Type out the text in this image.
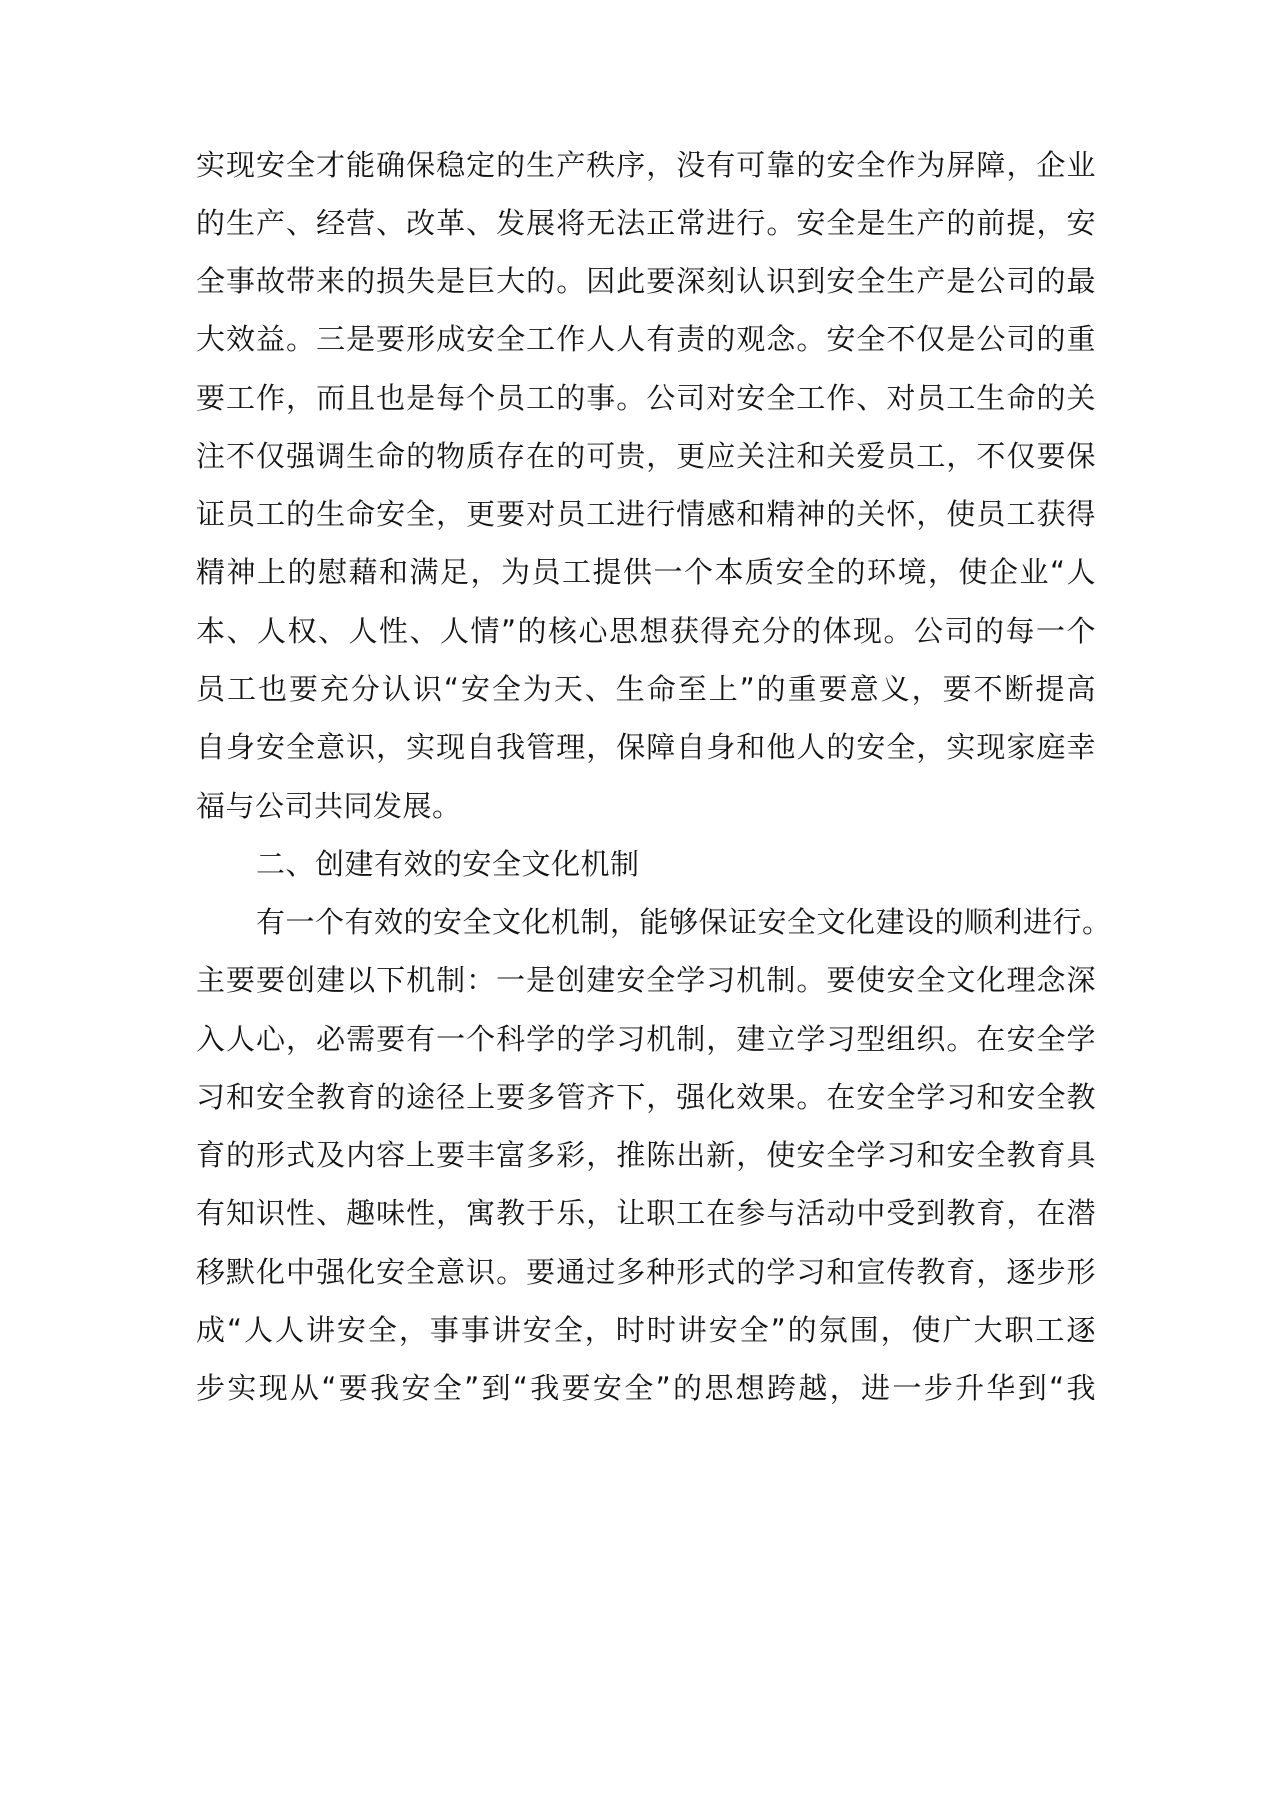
实现安全才能确保稳定的生产秩序，没有可靠的安全作为屏障，企业
的生产、经营、改革、发展将无法正常进行。安全是生产的前提，安
全事故带来的损失是巨大的。因此要深刻认识到安全生产是公司的最
大效益。三是要形成安全工作人人有责的观念。安全不仅是公司的重
要工作，而且也是每个员工的事。公司对安全工作、对员工生命的关
注不仅强调生命的物质存在的可贵，更应关注和关爱员工，不仅要保
证员工的生命安全，更要对员工进行情感和精神的关怀，使员工获得
精神上的慰藉和满足，为员工提供一个本质安全的环境，使企业“人
本、人权、人性、人情”的核心思想获得充分的体现。公司的每一个
员工也要充分认识“安全为天、生命至上”的重要意义，要不断提高
自身安全意识，实现自我管理，保障自身和他人的安全，实现家庭幸
福与公司共同发展。
二、创建有效的安全文化机制
有一个有效的安全文化机制，能够保证安全文化建设的顺利进行。
主要要创建以下机制：一是创建安全学习机制。要使安全文化理念深
入人心，必需要有一个科学的学习机制，建立学习型组织。在安全学
习和安全教育的途径上要多管齐下，强化效果。在安全学习和安全教
育的形式及内容上要丰富多彩，推陈出新，使安全学习和安全教育具
有知识性、趣味性，寓教于乐，让职工在参与活动中受到教育，在潜
移默化中强化安全意识。要通过多种形式的学习和宣传教育，逐步形
成“人人讲安全，事事讲安全，时时讲安全”的氛围，使广大职工逐
步实现从“要我安全”到“我要安全”的思想跨越，进一步升华到“我
